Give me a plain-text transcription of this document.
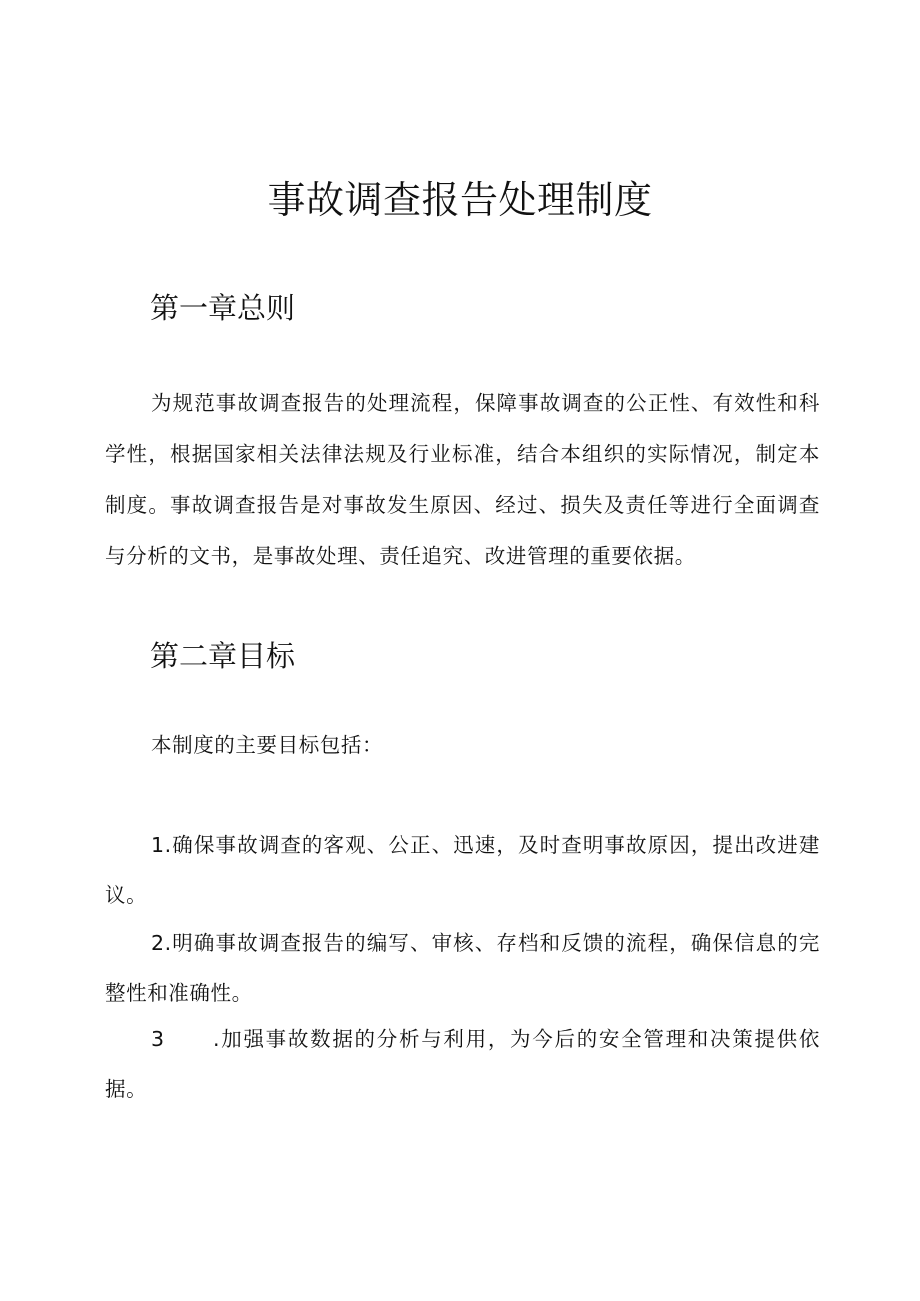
事故调查报告处理制度
第一章总则

为规范事故调查报告的处理流程，保障事故调查的公正性、有效性和科学性，根据国家相关法律法规及行业标准，结合本组织的实际情况，制定本制度。事故调查报告是对事故发生原因、经过、损失及责任等进行全面调查与分析的文书，是事故处理、责任追究、改进管理的重要依据。

第二章目标

本制度的主要目标包括：

1.确保事故调查的客观、公正、迅速，及时查明事故原因，提出改进建议。

2.明确事故调查报告的编写、审核、存档和反馈的流程，确保信息的完整性和准确性。

3 .加强事故数据的分析与利用，为今后的安全管理和决策提供依据。
